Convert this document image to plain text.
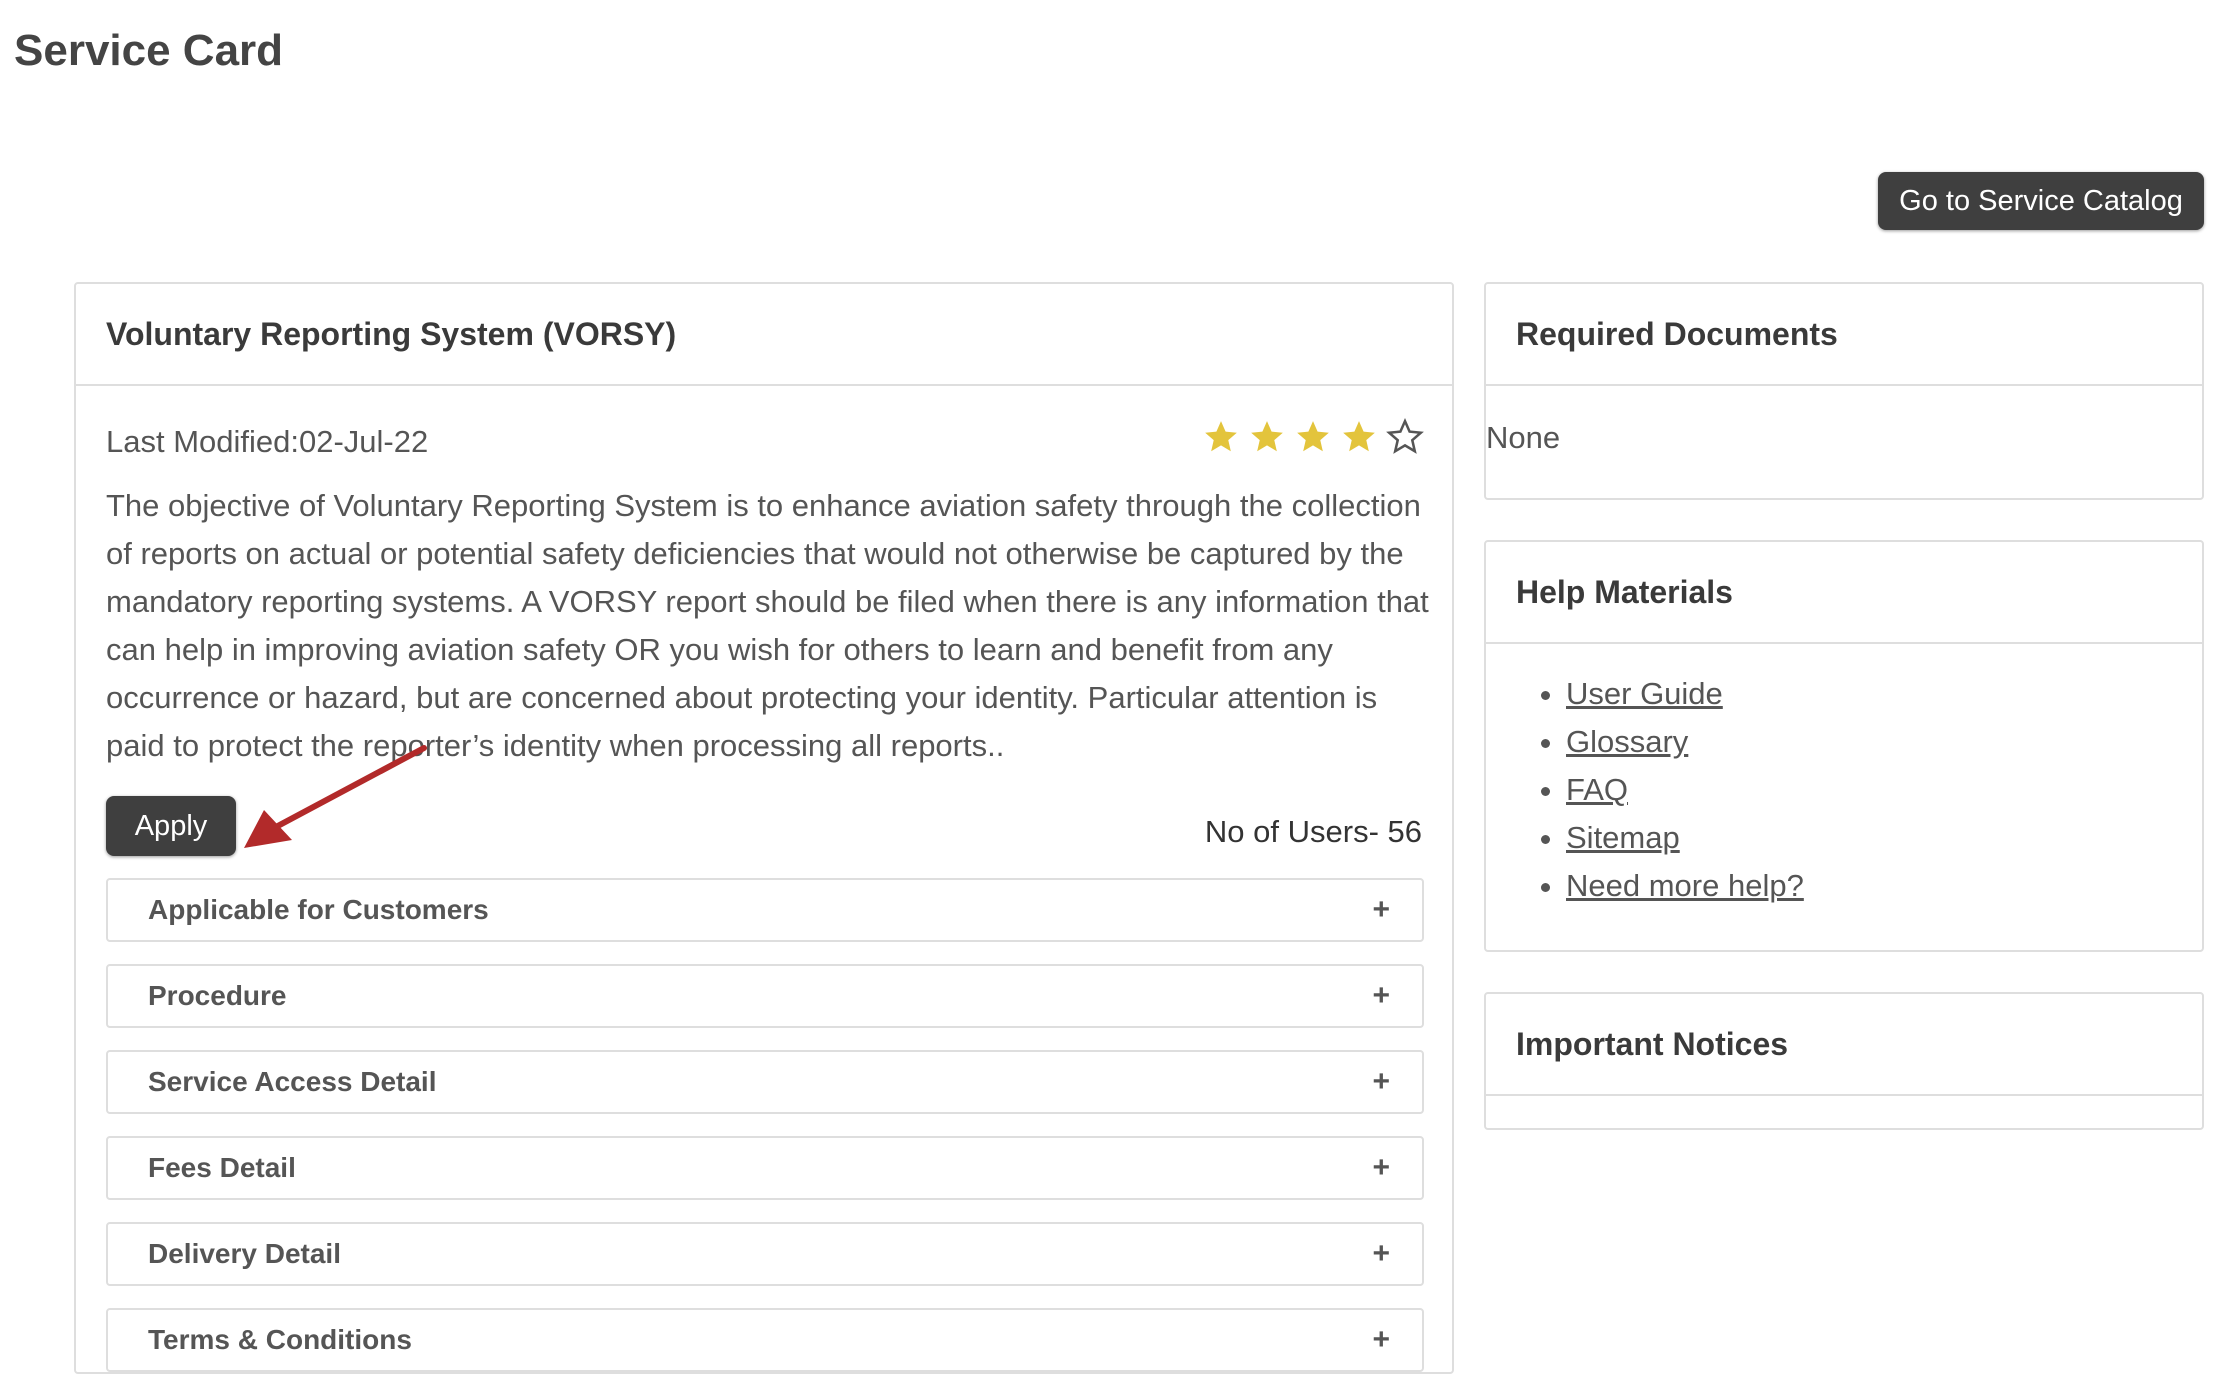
Service Card
Go to Service Catalog
Voluntary Reporting System (VORSY)
Last Modified:02-Jul-22

The objective of Voluntary Reporting System is to enhance aviation safety through the collection of reports on actual or potential safety deficiencies that would not otherwise be captured by the mandatory reporting systems. A VORSY report should be filed when there is any information that can help in improving aviation safety OR you wish for others to learn and benefit from any occurrence or hazard, but are concerned about protecting your identity. Particular attention is paid to protect the reporter’s identity when processing all reports..

Apply	No of Users- 56
Applicable for Customers	+
Procedure	+
Service Access Detail	+
Fees Detail	+
Delivery Detail	+
Terms & Conditions	+
Required Documents
None
Help Materials
• User Guide
• Glossary
• FAQ
• Sitemap
• Need more help?
Important Notices
